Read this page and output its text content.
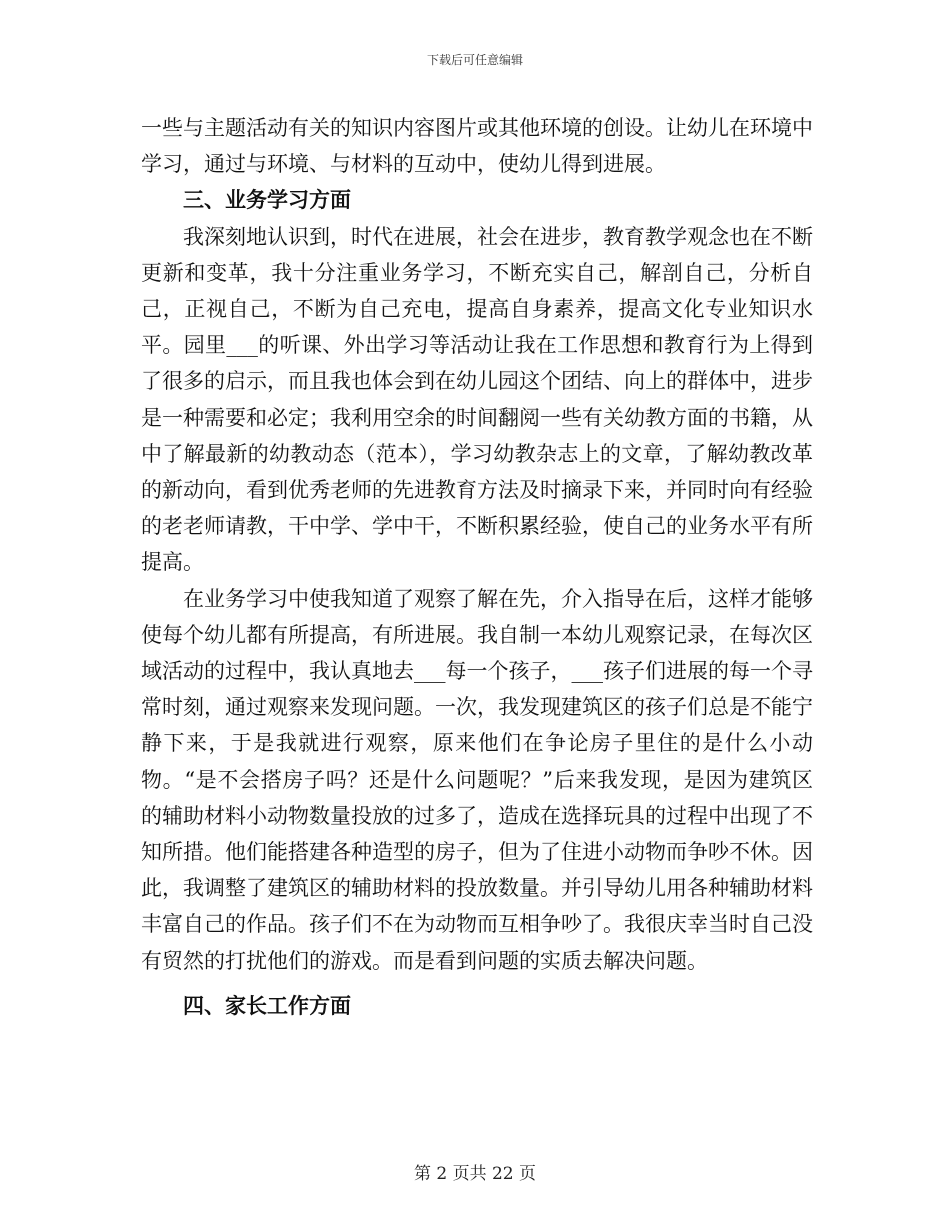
下载后可任意编辑

一些与主题活动有关的知识内容图片或其他环境的创设。让幼儿在环境中学习，通过与环境、与材料的互动中，使幼儿得到进展。

三、业务学习方面

我深刻地认识到，时代在进展，社会在进步，教育教学观念也在不断更新和变革，我十分注重业务学习，不断充实自己，解剖自己，分析自己，正视自己，不断为自己充电，提高自身素养，提高文化专业知识水平。园里___的听课、外出学习等活动让我在工作思想和教育行为上得到了很多的启示，而且我也体会到在幼儿园这个团结、向上的群体中，进步是一种需要和必定；我利用空余的时间翻阅一些有关幼教方面的书籍，从中了解最新的幼教动态（范本），学习幼教杂志上的文章，了解幼教改革的新动向，看到优秀老师的先进教育方法及时摘录下来，并同时向有经验的老老师请教，干中学、学中干，不断积累经验，使自己的业务水平有所提高。

在业务学习中使我知道了观察了解在先，介入指导在后，这样才能够使每个幼儿都有所提高，有所进展。我自制一本幼儿观察记录，在每次区域活动的过程中，我认真地去___每一个孩子，___孩子们进展的每一个寻常时刻，通过观察来发现问题。一次，我发现建筑区的孩子们总是不能宁静下来，于是我就进行观察，原来他们在争论房子里住的是什么小动物。“是不会搭房子吗？还是什么问题呢？”后来我发现，是因为建筑区的辅助材料小动物数量投放的过多了，造成在选择玩具的过程中出现了不知所措。他们能搭建各种造型的房子，但为了住进小动物而争吵不休。因此，我调整了建筑区的辅助材料的投放数量。并引导幼儿用各种辅助材料丰富自己的作品。孩子们不在为动物而互相争吵了。我很庆幸当时自己没有贸然的打扰他们的游戏。而是看到问题的实质去解决问题。

四、家长工作方面
第 2 页共 22 页
